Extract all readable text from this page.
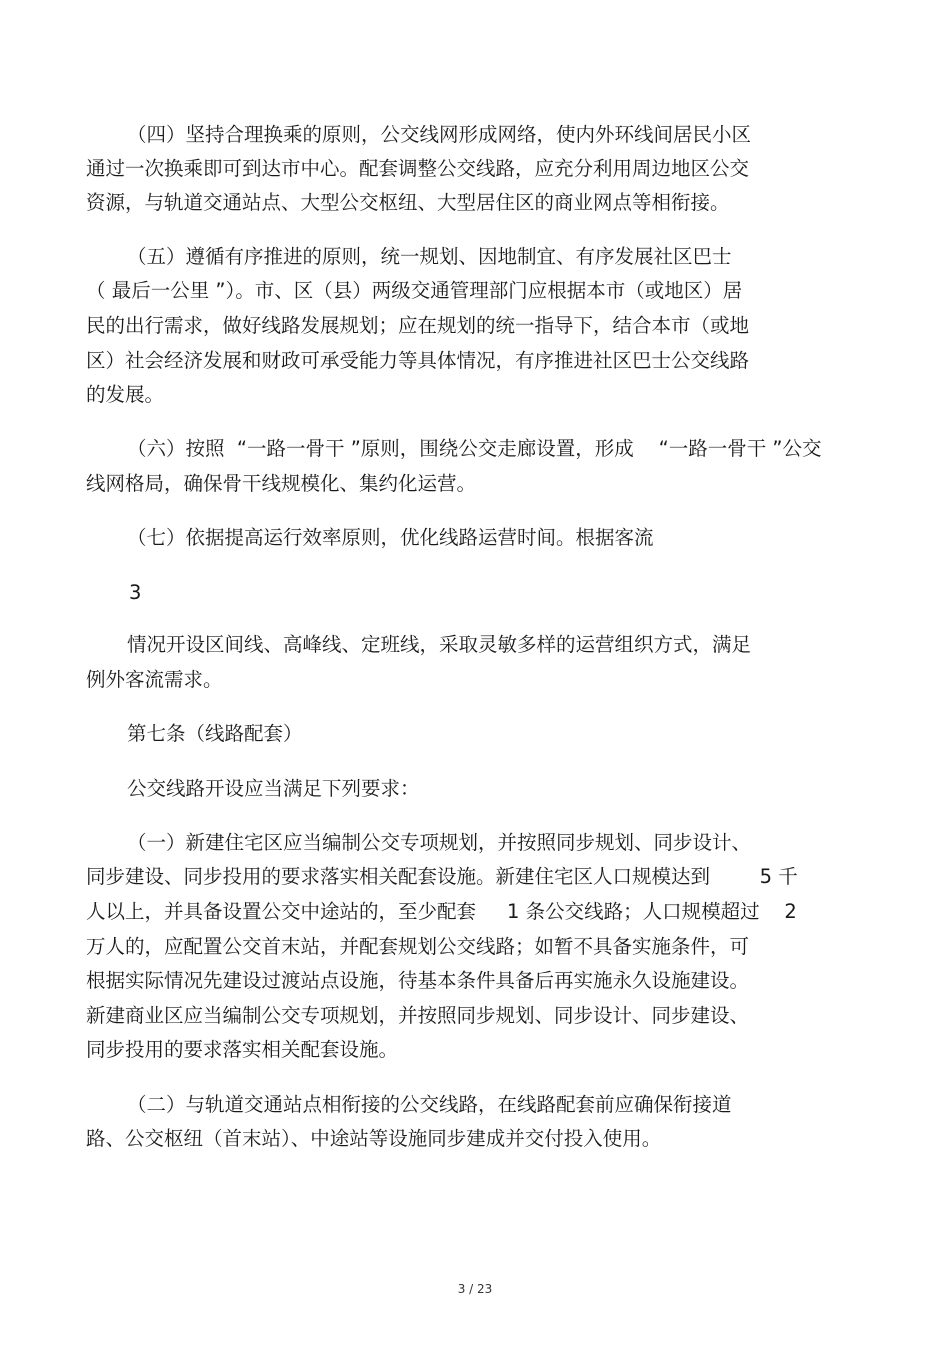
（四）坚持合理换乘的原则，公交线网形成网络，使内外环线间居民小区
通过一次换乘即可到达市中心。配套调整公交线路，应充分利用周边地区公交
资源，与轨道交通站点、大型公交枢纽、大型居住区的商业网点等相衔接。
（五）遵循有序推进的原则，统一规划、因地制宜、有序发展社区巴士
（ 最后一公里 ”）。市、区（县）两级交通管理部门应根据本市（或地区）居
民的出行需求，做好线路发展规划；应在规划的统一指导下，结合本市（或地
区）社会经济发展和财政可承受能力等具体情况，有序推进社区巴士公交线路
的发展。
（六）按照  “一路一骨干 ”原则，围绕公交走廊设置，形成    “一路一骨干 ”公交
线网格局，确保骨干线规模化、集约化运营。
（七）依据提高运行效率原则，优化线路运营时间。根据客流
3
情况开设区间线、高峰线、定班线，采取灵敏多样的运营组织方式，满足
例外客流需求。
第七条（线路配套）
公交线路开设应当满足下列要求：
（一）新建住宅区应当编制公交专项规划，并按照同步规划、同步设计、
同步建设、同步投用的要求落实相关配套设施。新建住宅区人口规模达到        5 千
人以上，并具备设置公交中途站的，至少配套     1 条公交线路；人口规模超过    2
万人的，应配置公交首末站，并配套规划公交线路；如暂不具备实施条件，可
根据实际情况先建设过渡站点设施，待基本条件具备后再实施永久设施建设。
新建商业区应当编制公交专项规划，并按照同步规划、同步设计、同步建设、
同步投用的要求落实相关配套设施。
（二）与轨道交通站点相衔接的公交线路，在线路配套前应确保衔接道
路、公交枢纽（首末站）、中途站等设施同步建成并交付投入使用。
3 / 23
